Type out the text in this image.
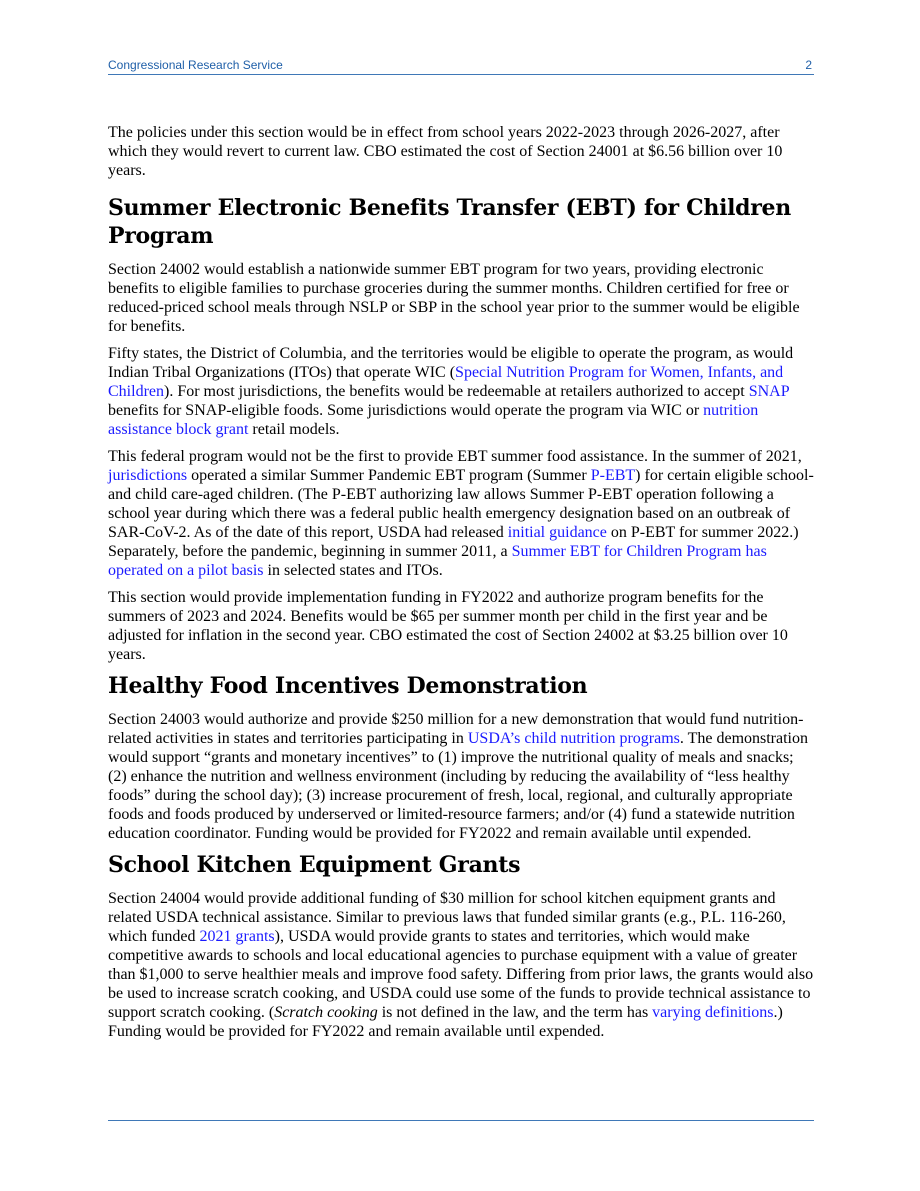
Congressional Research Service	2

The policies under this section would be in effect from school years 2022-2023 through 2026-2027, after which they would revert to current law. CBO estimated the cost of Section 24001 at $6.56 billion over 10 years.

Summer Electronic Benefits Transfer (EBT) for Children Program

Section 24002 would establish a nationwide summer EBT program for two years, providing electronic benefits to eligible families to purchase groceries during the summer months. Children certified for free or reduced-priced school meals through NSLP or SBP in the school year prior to the summer would be eligible for benefits.

Fifty states, the District of Columbia, and the territories would be eligible to operate the program, as would Indian Tribal Organizations (ITOs) that operate WIC (Special Nutrition Program for Women, Infants, and Children). For most jurisdictions, the benefits would be redeemable at retailers authorized to accept SNAP benefits for SNAP-eligible foods. Some jurisdictions would operate the program via WIC or nutrition assistance block grant retail models.

This federal program would not be the first to provide EBT summer food assistance. In the summer of 2021, jurisdictions operated a similar Summer Pandemic EBT program (Summer P-EBT) for certain eligible school- and child care-aged children. (The P-EBT authorizing law allows Summer P-EBT operation following a school year during which there was a federal public health emergency designation based on an outbreak of SAR-CoV-2. As of the date of this report, USDA had released initial guidance on P-EBT for summer 2022.) Separately, before the pandemic, beginning in summer 2011, a Summer EBT for Children Program has operated on a pilot basis in selected states and ITOs.

This section would provide implementation funding in FY2022 and authorize program benefits for the summers of 2023 and 2024. Benefits would be $65 per summer month per child in the first year and be adjusted for inflation in the second year. CBO estimated the cost of Section 24002 at $3.25 billion over 10 years.

Healthy Food Incentives Demonstration

Section 24003 would authorize and provide $250 million for a new demonstration that would fund nutrition-related activities in states and territories participating in USDA’s child nutrition programs. The demonstration would support “grants and monetary incentives” to (1) improve the nutritional quality of meals and snacks; (2) enhance the nutrition and wellness environment (including by reducing the availability of “less healthy foods” during the school day); (3) increase procurement of fresh, local, regional, and culturally appropriate foods and foods produced by underserved or limited-resource farmers; and/or (4) fund a statewide nutrition education coordinator. Funding would be provided for FY2022 and remain available until expended.

School Kitchen Equipment Grants

Section 24004 would provide additional funding of $30 million for school kitchen equipment grants and related USDA technical assistance. Similar to previous laws that funded similar grants (e.g., P.L. 116-260, which funded 2021 grants), USDA would provide grants to states and territories, which would make competitive awards to schools and local educational agencies to purchase equipment with a value of greater than $1,000 to serve healthier meals and improve food safety. Differing from prior laws, the grants would also be used to increase scratch cooking, and USDA could use some of the funds to provide technical assistance to support scratch cooking. (Scratch cooking is not defined in the law, and the term has varying definitions.) Funding would be provided for FY2022 and remain available until expended.
